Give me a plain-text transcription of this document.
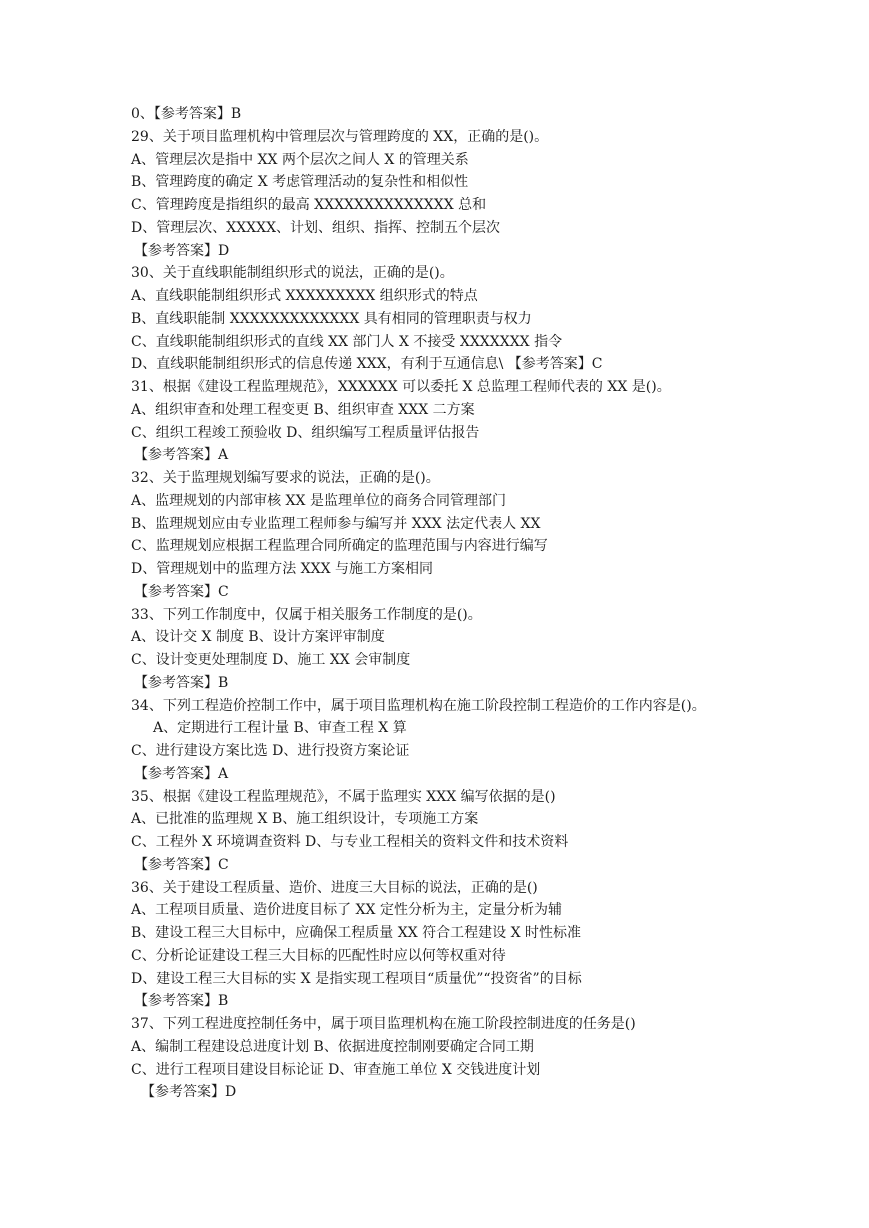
0、【参考答案】B
29、关于项目监理机构中管理层次与管理跨度的 XX，正确的是()。
A、管理层次是指中 XX 两个层次之间人 X 的管理关系
B、管理跨度的确定 X 考虑管理活动的复杂性和相似性
C、管理跨度是指组织的最高 XXXXXXXXXXXXXX 总和
D、管理层次、XXXXX、计划、组织、指挥、控制五个层次
【参考答案】D
30、关于直线职能制组织形式的说法，正确的是()。
A、直线职能制组织形式 XXXXXXXXX 组织形式的特点
B、直线职能制 XXXXXXXXXXXXX 具有相同的管理职责与权力
C、直线职能制组织形式的直线 XX 部门人 X 不接受 XXXXXXX 指令
D、直线职能制组织形式的信息传递 XXX，有利于互通信息\ 【参考答案】C
31、根据《建设工程监理规范》，XXXXXX 可以委托 X 总监理工程师代表的 XX 是()。
A、组织审查和处理工程变更 B、组织审查 XXX 二方案
C、组织工程竣工预验收 D、组织编写工程质量评估报告
【参考答案】A
32、关于监理规划编写要求的说法，正确的是()。
A、监理规划的内部审核 XX 是监理单位的商务合同管理部门
B、监理规划应由专业监理工程师参与编写并 XXX 法定代表人 XX
C、监理规划应根据工程监理合同所确定的监理范围与内容进行编写
D、管理规划中的监理方法 XXX 与施工方案相同
【参考答案】C
33、下列工作制度中，仅属于相关服务工作制度的是()。
A、设计交 X 制度 B、设计方案评审制度
C、设计变更处理制度 D、施工 XX 会审制度
【参考答案】B
34、下列工程造价控制工作中，属于项目监理机构在施工阶段控制工程造价的工作内容是()。
A、定期进行工程计量 B、审查工程 X 算
C、进行建设方案比选 D、进行投资方案论证
【参考答案】A
35、根据《建设工程监理规范》，不属于监理实 XXX 编写依据的是()
A、已批准的监理规 X B、施工组织设计，专项施工方案
C、工程外 X 环境调查资料 D、与专业工程相关的资料文件和技术资料
【参考答案】C
36、关于建设工程质量、造价、进度三大目标的说法，正确的是()
A、工程项目质量、造价进度目标了 XX 定性分析为主，定量分析为辅
B、建设工程三大目标中，应确保工程质量 XX 符合工程建设 X 时性标准
C、分析论证建设工程三大目标的匹配性时应以何等权重对待
D、建设工程三大目标的实 X 是指实现工程项目“质量优”“投资省”的目标
【参考答案】B
37、下列工程进度控制任务中，属于项目监理机构在施工阶段控制进度的任务是()
A、编制工程建设总进度计划 B、依据进度控制刚要确定合同工期
C、进行工程项目建设目标论证 D、审查施工单位 X 交钱进度计划
【参考答案】D
